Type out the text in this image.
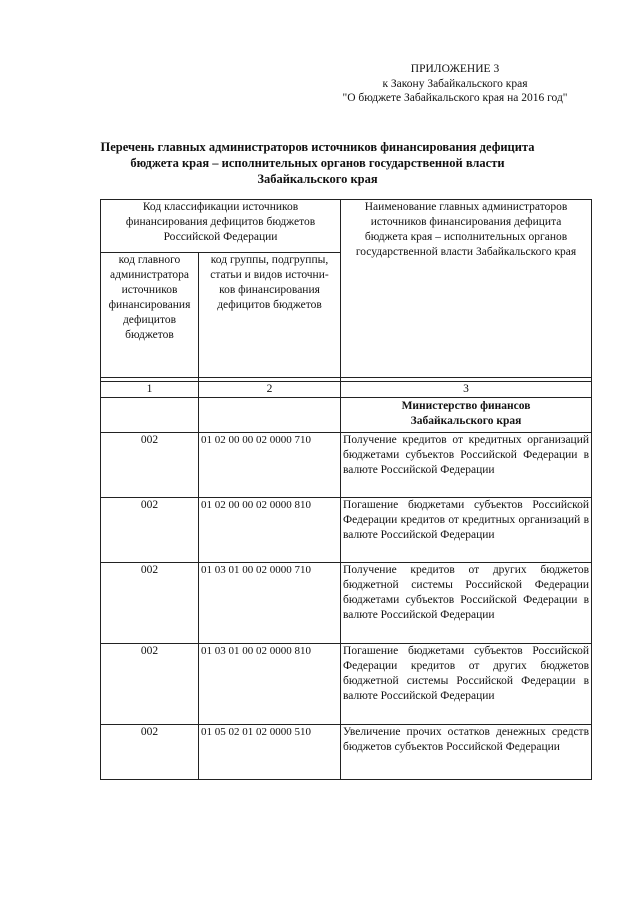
ПРИЛОЖЕНИЕ 3
к Закону Забайкальского края
"О бюджете Забайкальского края на 2016 год"
Перечень главных администраторов источников финансирования дефицита
бюджета края – исполнительных органов государственной власти
Забайкальского края
Код классификации источников финансирования дефицитов бюджетов Российской Федерации		Наименование главных администраторов источников финансирования дефицита бюджета края – исполнительных органов государственной власти Забайкальского края
код главного администратора источников финансирования дефицитов бюджетов	код группы, подгруппы, статьи и видов источни-ков финансирования дефицитов бюджетов	

1	2	3
		Министерство финансов Забайкальского края
002	01 02 00 00 02 0000 710	Получение кредитов от кредитных организаций бюджетами субъектов Российской Федерации в валюте Российской Федерации
002	01 02 00 00 02 0000 810	Погашение бюджетами субъектов Российской Федерации кредитов от кредитных организаций в валюте Российской Федерации
002	01 03 01 00 02 0000 710	Получение кредитов от других бюджетов бюджетной системы Российской Федерации бюджетами субъектов Российской Федерации в валюте Российской Федерации
002	01 03 01 00 02 0000 810	Погашение бюджетами субъектов Российской Федерации кредитов от других бюджетов бюджетной системы Российской Федерации в валюте Российской Федерации
002	01 05 02 01 02 0000 510	Увеличение прочих остатков денежных средств бюджетов субъектов Российской Федерации
